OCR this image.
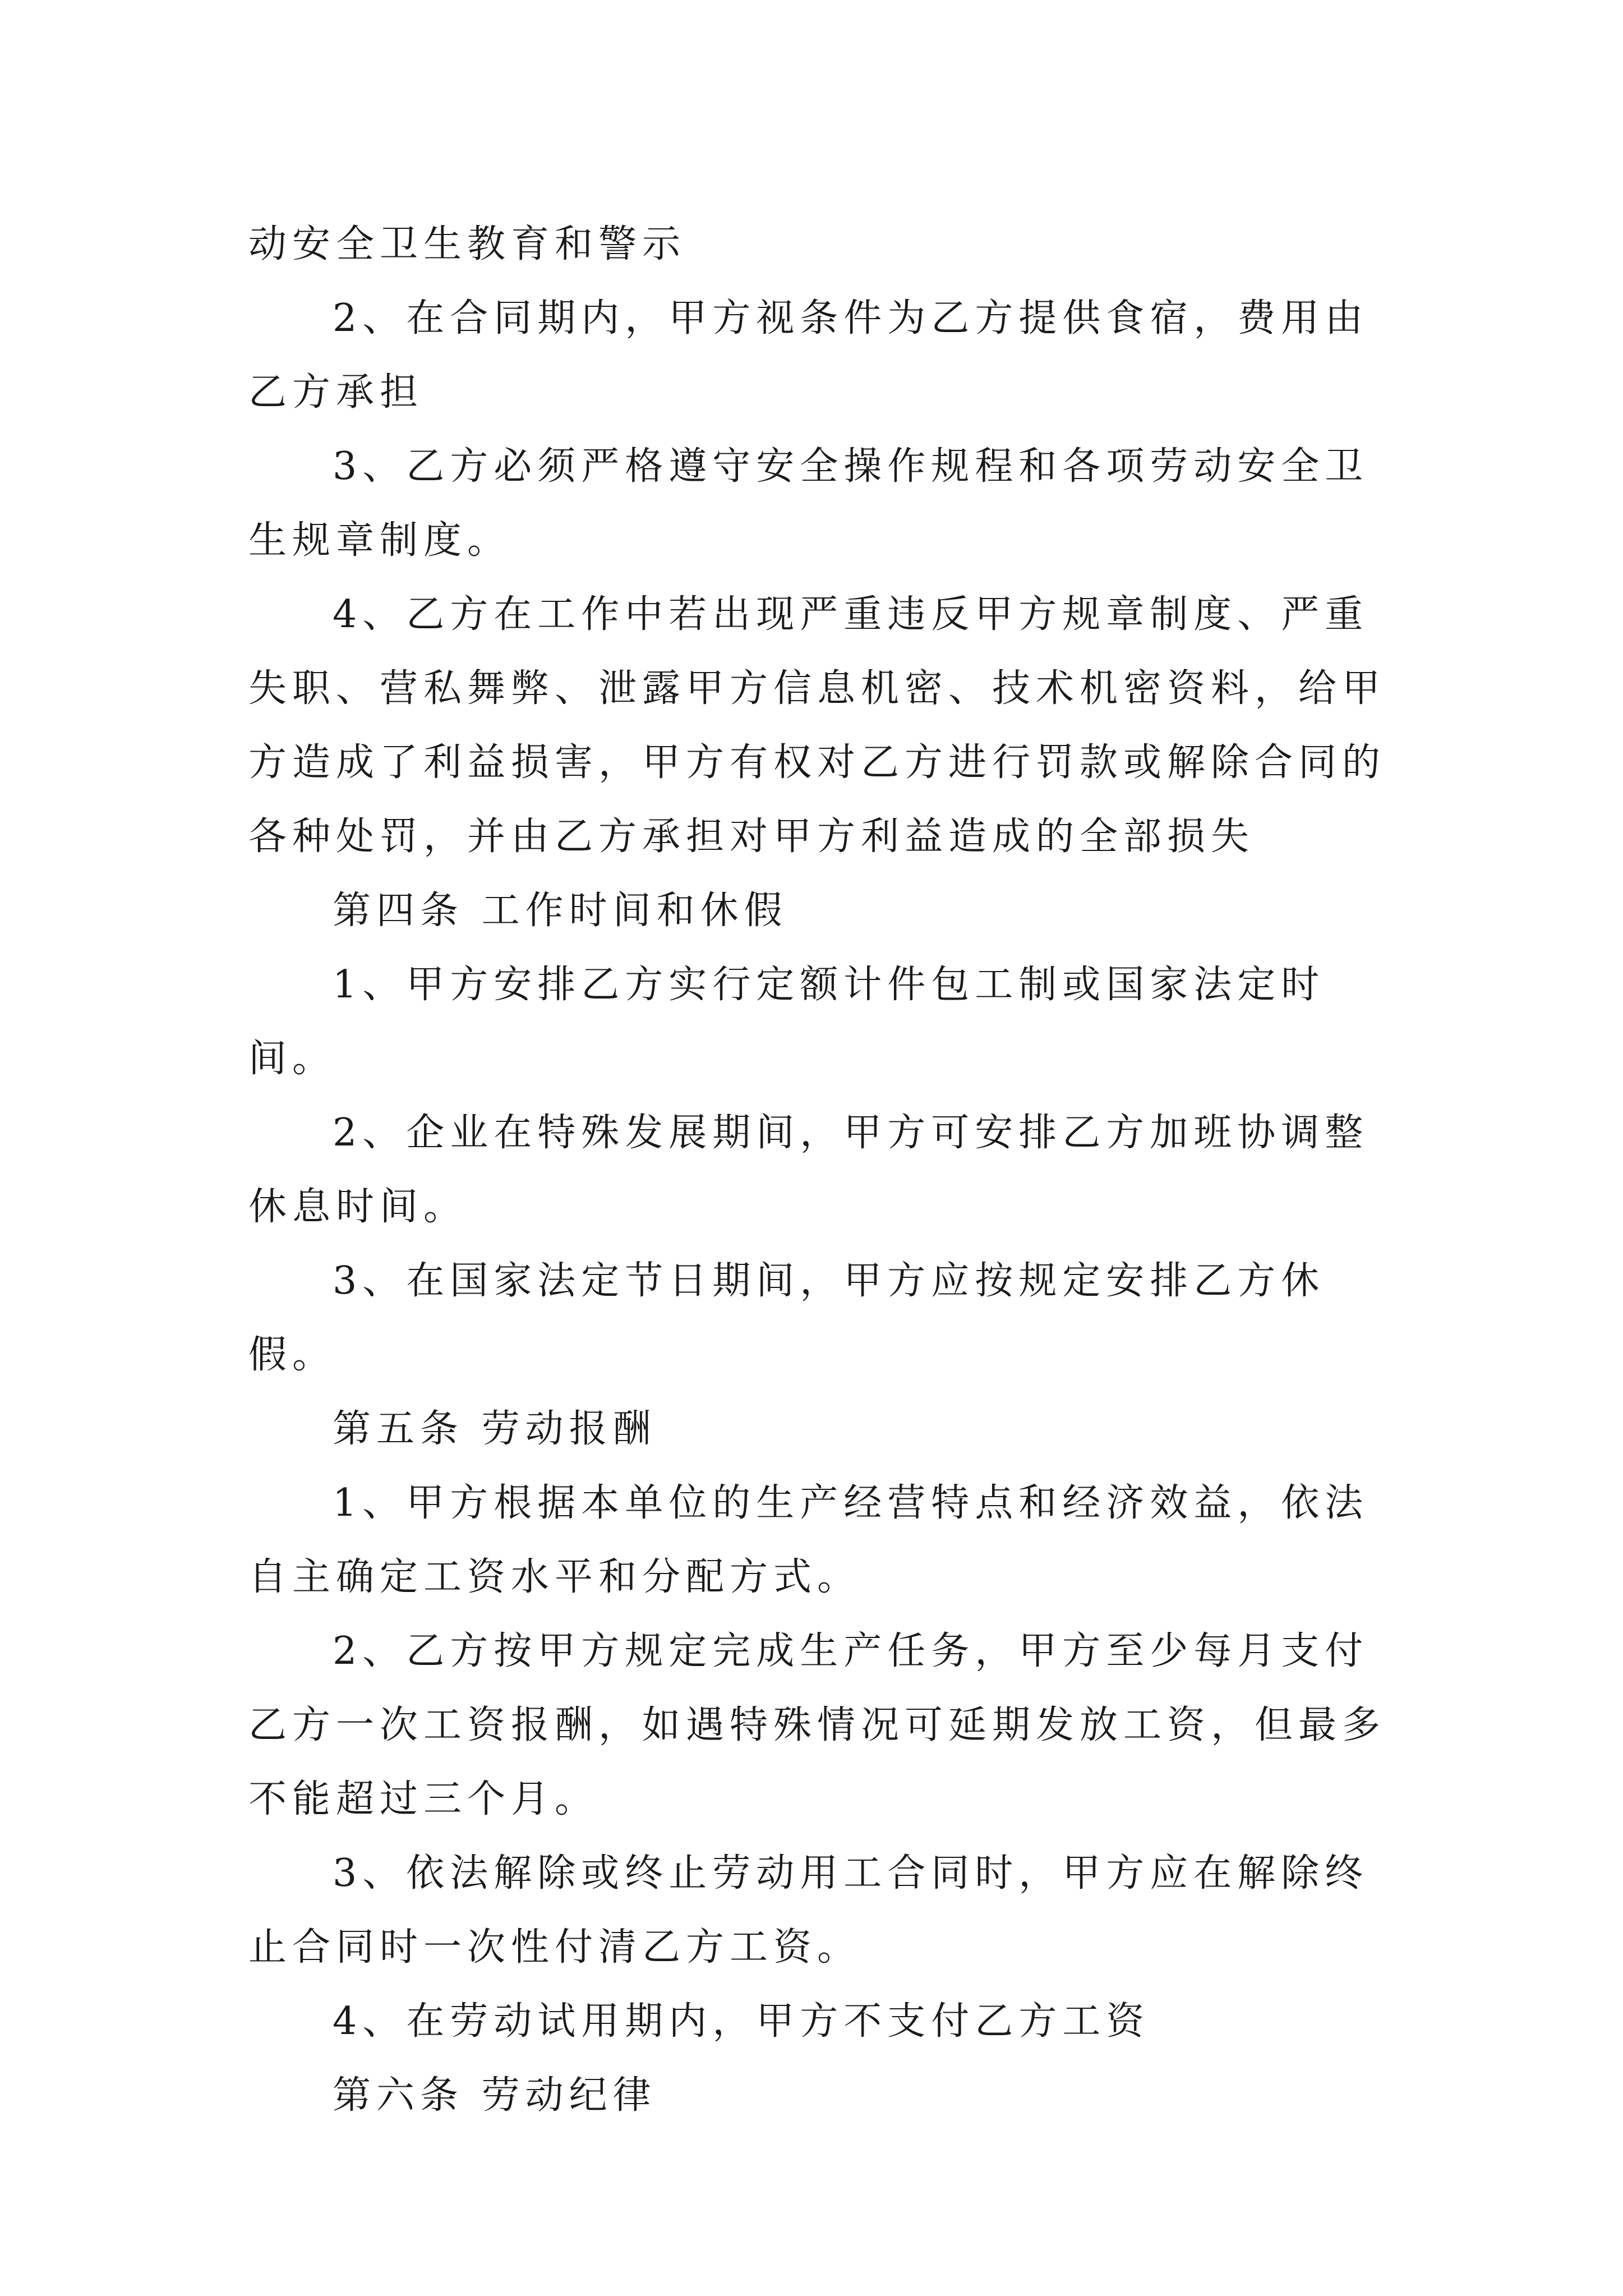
动安全卫生教育和警示

2、在合同期内，甲方视条件为乙方提供食宿，费用由乙方承担

3、乙方必须严格遵守安全操作规程和各项劳动安全卫生规章制度。

4、乙方在工作中若出现严重违反甲方规章制度、严重失职、营私舞弊、泄露甲方信息机密、技术机密资料，给甲方造成了利益损害，甲方有权对乙方进行罚款或解除合同的各种处罚，并由乙方承担对甲方利益造成的全部损失

第四条 工作时间和休假

1、甲方安排乙方实行定额计件包工制或国家法定时间。

2、企业在特殊发展期间，甲方可安排乙方加班协调整休息时间。

3、在国家法定节日期间，甲方应按规定安排乙方休假。

第五条 劳动报酬

1、甲方根据本单位的生产经营特点和经济效益，依法自主确定工资水平和分配方式。

2、乙方按甲方规定完成生产任务，甲方至少每月支付乙方一次工资报酬，如遇特殊情况可延期发放工资，但最多不能超过三个月。

3、依法解除或终止劳动用工合同时，甲方应在解除终止合同时一次性付清乙方工资。

4、在劳动试用期内，甲方不支付乙方工资

第六条 劳动纪律
